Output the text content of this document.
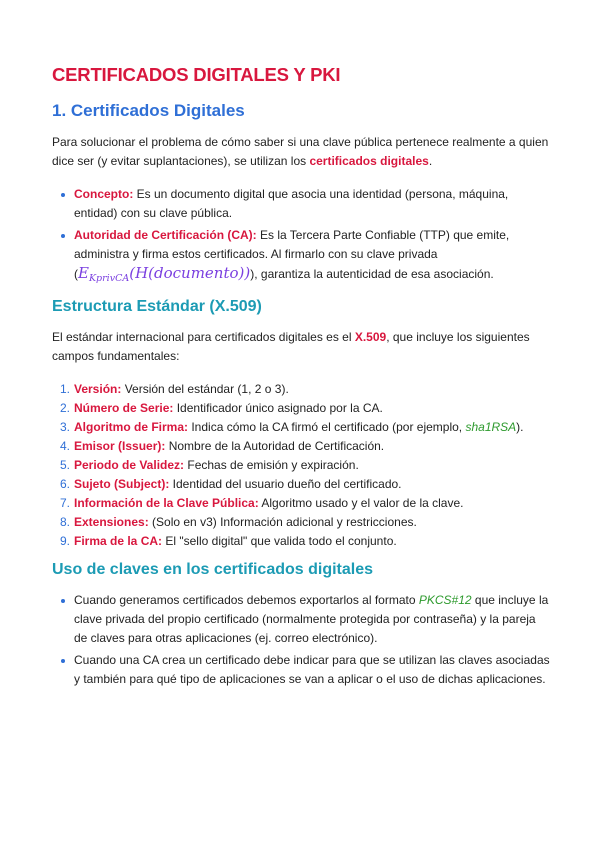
CERTIFICADOS DIGITALES Y PKI
1. Certificados Digitales

Para solucionar el problema de cómo saber si una clave pública pertenece realmente a quien dice ser (y evitar suplantaciones), se utilizan los certificados digitales.

Concepto: Es un documento digital que asocia una identidad (persona, máquina, entidad) con su clave pública.
Autoridad de Certificación (CA): Es la Tercera Parte Confiable (TTP) que emite, administra y firma estos certificados. Al firmarlo con su clave privada $(E_{KprivCA}(H(documento)))$, garantiza la autenticidad de esa asociación.
Estructura Estándar (X.509)

El estándar internacional para certificados digitales es el X.509, que incluye los siguientes campos fundamentales:

1. Versión: Versión del estándar (1, 2 o 3).
2. Número de Serie: Identificador único asignado por la CA.
3. Algoritmo de Firma: Indica cómo la CA firmó el certificado (por ejemplo, sha1RSA).
4. Emisor (Issuer): Nombre de la Autoridad de Certificación.
5. Periodo de Validez: Fechas de emisión y expiración.
6. Sujeto (Subject): Identidad del usuario dueño del certificado.
7. Información de la Clave Pública: Algoritmo usado y el valor de la clave.
8. Extensiones: (Solo en v3) Información adicional y restricciones.
9. Firma de la CA: El "sello digital" que valida todo el conjunto.
Uso de claves en los certificados digitales
Cuando generamos certificados debemos exportarlos al formato PKCS#12 que incluye la clave privada del propio certificado (normalmente protegida por contraseña) y la pareja de claves para otras aplicaciones (ej. correo electrónico).
Cuando una CA crea un certificado debe indicar para que se utilizan las claves asociadas y también para qué tipo de aplicaciones se van a aplicar o el uso de dichas aplicaciones.
